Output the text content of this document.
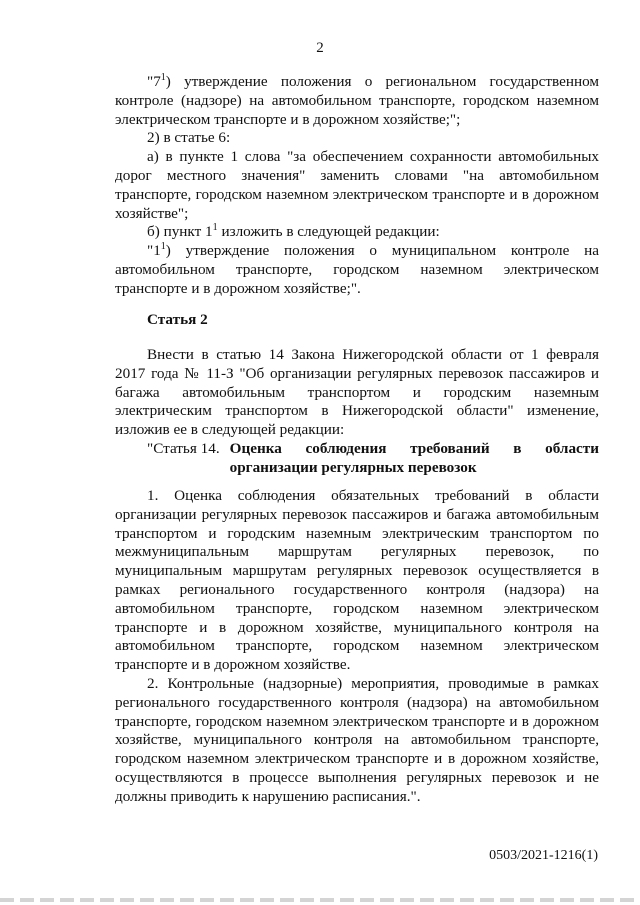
2

"$7^1$) утверждение положения о региональном государственном контроле (надзоре) на автомобильном транспорте, городском наземном электрическом транспорте и в дорожном хозяйстве;";

2) в статье 6:

а) в пункте 1 слова "за обеспечением сохранности автомобильных дорог местного значения" заменить словами "на автомобильном транспорте, городском наземном электрическом транспорте и в дорожном хозяйстве";

б) пункт $1^1$ изложить в следующей редакции:

"$1^1$) утверждение положения о муниципальном контроле на автомобильном транспорте, городском наземном электрическом транспорте и в дорожном хозяйстве;".

Статья 2

Внести в статью 14 Закона Нижегородской области от 1 февраля 2017 года № 11-З "Об организации регулярных перевозок пассажиров и багажа автомобильным транспортом и городским наземным электрическим транспортом в Нижегородской области" изменение, изложив ее в следующей редакции:

"Статья 14. Оценка соблюдения требований в области организации регулярных перевозок

1. Оценка соблюдения обязательных требований в области организации регулярных перевозок пассажиров и багажа автомобильным транспортом и городским наземным электрическим транспортом по межмуниципальным маршрутам регулярных перевозок, по муниципальным маршрутам регулярных перевозок осуществляется в рамках регионального государственного контроля (надзора) на автомобильном транспорте, городском наземном электрическом транспорте и в дорожном хозяйстве, муниципального контроля на автомобильном транспорте, городском наземном электрическом транспорте и в дорожном хозяйстве.

2. Контрольные (надзорные) мероприятия, проводимые в рамках регионального государственного контроля (надзора) на автомобильном транспорте, городском наземном электрическом транспорте и в дорожном хозяйстве, муниципального контроля на автомобильном транспорте, городском наземном электрическом транспорте и в дорожном хозяйстве, осуществляются в процессе выполнения регулярных перевозок и не должны приводить к нарушению расписания.".

0503/2021-1216(1)
